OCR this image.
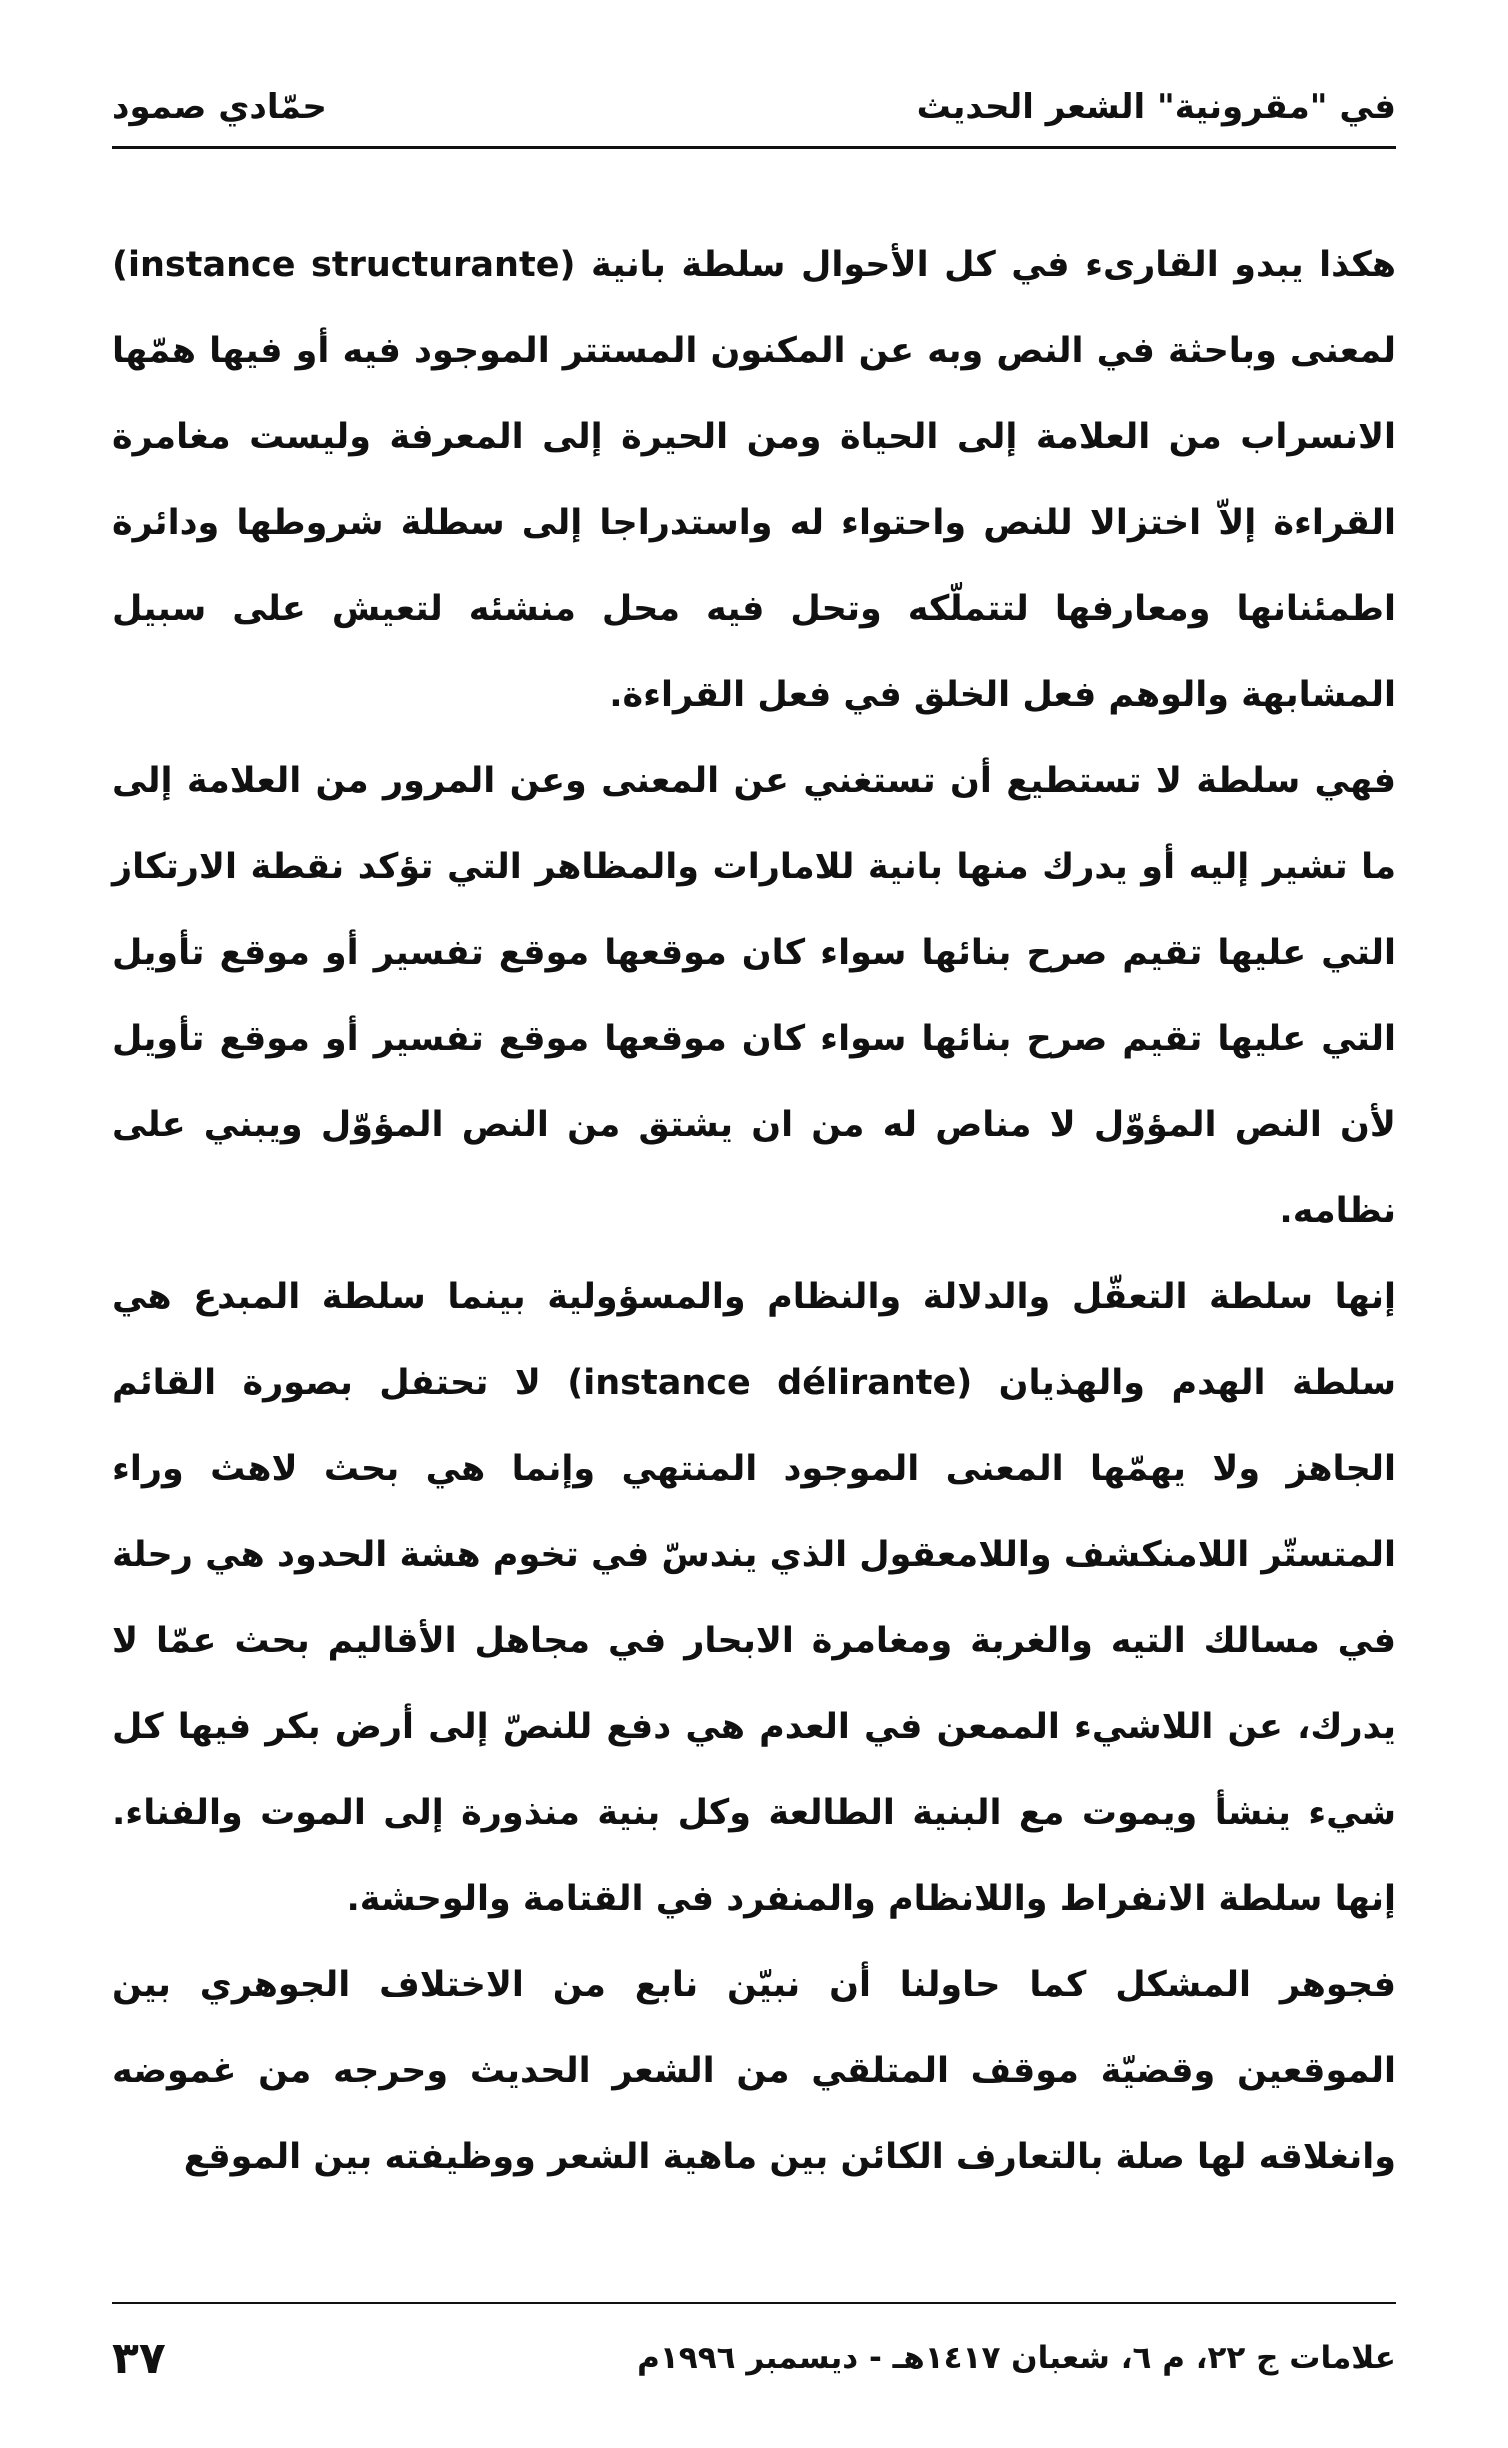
في "مقرونية" الشعر الحديث
حمّادي صمود

هكذا يبدو القارىء في كل الأحوال سلطة بانية (instance structurante) لمعنى وباحثة في النص وبه عن المكنون المستتر الموجود فيه أو فيها همّها الانسراب من العلامة إلى الحياة ومن الحيرة إلى المعرفة وليست مغامرة القراءة إلاّ اختزالا للنص واحتواء له واستدراجا إلى سطلة شروطها ودائرة اطمئنانها ومعارفها لتتملّكه وتحل فيه محل منشئه لتعيش على سبيل المشابهة والوهم فعل الخلق في فعل القراءة.

فهي سلطة لا تستطيع أن تستغني عن المعنى وعن المرور من العلامة إلى ما تشير إليه أو يدرك منها بانية للامارات والمظاهر التي تؤكد نقطة الارتكاز التي عليها تقيم صرح بنائها سواء كان موقعها موقع تفسير أو موقع تأويل التي عليها تقيم صرح بنائها سواء كان موقعها موقع تفسير أو موقع تأويل لأن النص المؤوّل لا مناص له من ان يشتق من النص المؤوّل ويبني على نظامه.

إنها سلطة التعقّل والدلالة والنظام والمسؤولية بينما سلطة المبدع هي سلطة الهدم والهذيان (instance délirante) لا تحتفل بصورة القائم الجاهز ولا يهمّها المعنى الموجود المنتهي وإنما هي بحث لاهث وراء المتستّر اللامنكشف واللامعقول الذي يندسّ في تخوم هشة الحدود هي رحلة في مسالك التيه والغربة ومغامرة الابحار في مجاهل الأقاليم بحث عمّا لا يدرك، عن اللاشيء الممعن في العدم هي دفع للنصّ إلى أرض بكر فيها كل شيء ينشأ ويموت مع البنية الطالعة وكل بنية منذورة إلى الموت والفناء. إنها سلطة الانفراط واللانظام والمنفرد في القتامة والوحشة.

فجوهر المشكل كما حاولنا أن نبيّن نابع من الاختلاف الجوهري بين الموقعين وقضيّة موقف المتلقي من الشعر الحديث وحرجه من غموضه وانغلاقه لها صلة بالتعارف الكائن بين ماهية الشعر ووظيفته بين الموقع

علامات ج ٢٢، م ٦، شعبان ١٤١٧هـ - ديسمبر ١٩٩٦م
٣٧
